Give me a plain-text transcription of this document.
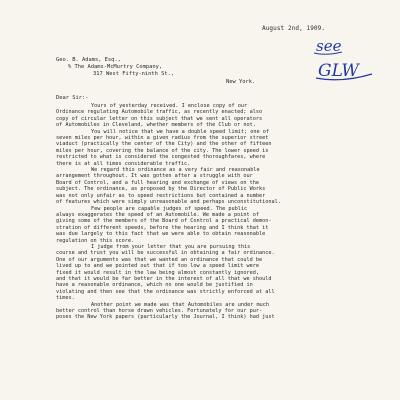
August 2nd, 1909.
see
GLW
Geo. B. Adams, Esq.,
% The Adams-McMurtry Company,
317 West Fifty-ninth St.,
New York.
Dear Sir:-
Yours of yesterday received. I enclose copy of our
Ordinance regulating Automobile traffic, as recently enacted; also
copy of circular letter on this subject that we sent all operators
of Automobiles in Cleveland, whether members of the Club or not.
You will notice that we have a double speed limit; one of
seven miles per hour, within a given radius from the superior street
viaduct (practically the center of the City) and the other of fifteen
miles per hour, covering the balance of the city. The lower speed is
restricted to what is considered the congested thoroughfares, where
there is at all times considerable traffic.
We regard this ordinance as a very fair and reasonable
arrangement throughout. It was gotten after a struggle with our
Board of Control, and a full hearing and exchange of views on the
subject. The ordinance, as proposed by the Director of Public Works
was not only unfair as to speed restrictions but contained a number
of features which were simply unreasonable and perhaps unconstitutional.
Few people are capable judges of speed. The public
always exaggerates the speed of an Automobile. We made a point of
giving some of the members of the Board of Control a practical demon-
stration of different speeds, before the hearing and I think that it
was due largely to this fact that we were able to obtain reasonable
regulation on this score.
I judge from your letter that you are pursuing this
course and trust you will be successful in obtaining a fair ordinance.
One of our arguments was that we wanted an ordinance that could be
lived up to and we pointed out that if too low a speed limit were
fixed it would result in the law being almost constantly ignored,
and that it would be far better in the interest of all that we should
have a reasonable ordinance, which no one would be justified in
violating and then see that the ordinance was strictly enforced at all
times.
Another point we made was that Automobiles are under much
better control than horse drawn vehicles. Fortunately for our pur-
poses the New York papers (particularly the Journal, I think) had just
